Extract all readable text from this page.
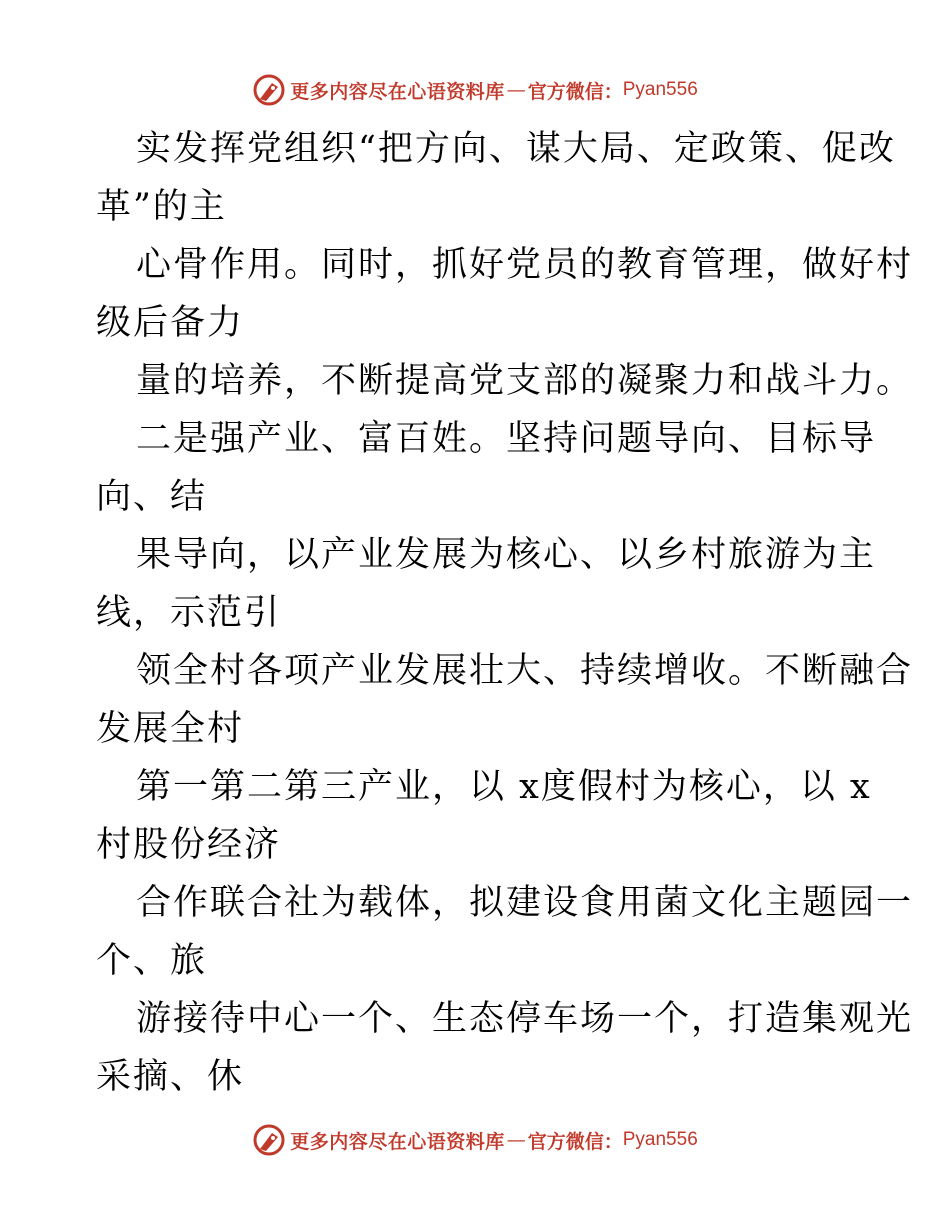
更多内容尽在心语资料库 — 官方微信： Pyan556
实发挥党组织“把方向、谋大局、定政策、促改
革”的主
心骨作用。同时，抓好党员的教育管理，做好村
级后备力
量的培养，不断提高党支部的凝聚力和战斗力。
二是强产业、富百姓。坚持问题导向、目标导
向、结
果导向，以产业发展为核心、以乡村旅游为主
线，示范引
领全村各项产业发展壮大、持续增收。不断融合
发展全村
第一第二第三产业，以 x度假村为核心，以 x
村股份经济
合作联合社为载体，拟建设食用菌文化主题园一
个、旅
游接待中心一个、生态停车场一个，打造集观光
采摘、休
更多内容尽在心语资料库 — 官方微信： Pyan556
